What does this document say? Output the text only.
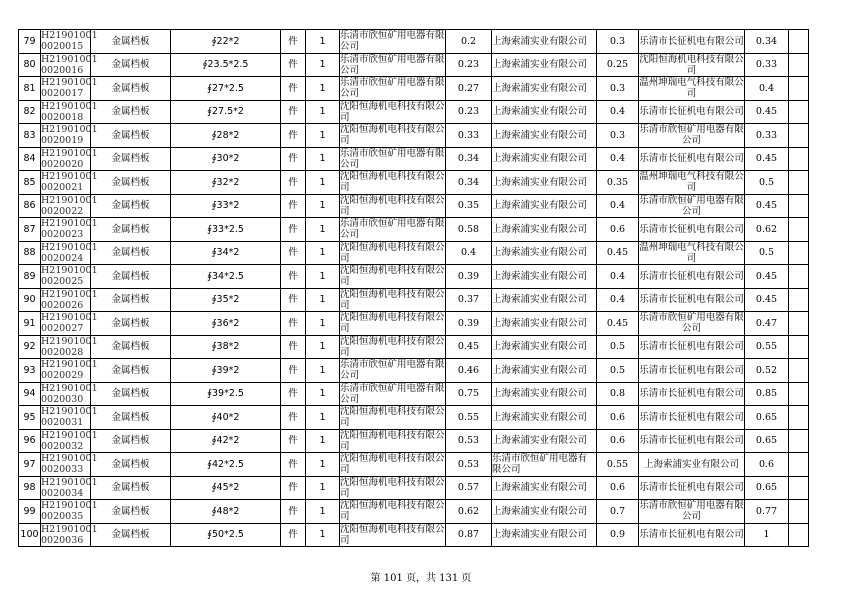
79	H21901001 0020015	金属档板	∮22*2	件	1	乐清市欣恒矿用电器有限公司	0.2	上海索浦实业有限公司	0.3	乐清市长征机电有限公司	0.34	
80	H21901001 0020016	金属档板	∮23.5*2.5	件	1	乐清市欣恒矿用电器有限公司	0.23	上海索浦实业有限公司	0.25	沈阳恒海机电科技有限公司	0.33	
81	H21901001 0020017	金属档板	∮27*2.5	件	1	乐清市欣恒矿用电器有限公司	0.27	上海索浦实业有限公司	0.3	温州坤瑞电气科技有限公司	0.4	
82	H21901001 0020018	金属档板	∮27.5*2	件	1	沈阳恒海机电科技有限公司	0.23	上海索浦实业有限公司	0.4	乐清市长征机电有限公司	0.45	
83	H21901001 0020019	金属档板	∮28*2	件	1	沈阳恒海机电科技有限公司	0.33	上海索浦实业有限公司	0.3	乐清市欣恒矿用电器有限公司	0.33	
84	H21901001 0020020	金属档板	∮30*2	件	1	乐清市欣恒矿用电器有限公司	0.34	上海索浦实业有限公司	0.4	乐清市长征机电有限公司	0.45	
85	H21901001 0020021	金属档板	∮32*2	件	1	沈阳恒海机电科技有限公司	0.34	上海索浦实业有限公司	0.35	温州坤瑞电气科技有限公司	0.5	
86	H21901001 0020022	金属档板	∮33*2	件	1	沈阳恒海机电科技有限公司	0.35	上海索浦实业有限公司	0.4	乐清市欣恒矿用电器有限公司	0.45	
87	H21901001 0020023	金属档板	∮33*2.5	件	1	乐清市欣恒矿用电器有限公司	0.58	上海索浦实业有限公司	0.6	乐清市长征机电有限公司	0.62	
88	H21901001 0020024	金属档板	∮34*2	件	1	沈阳恒海机电科技有限公司	0.4	上海索浦实业有限公司	0.45	温州坤瑞电气科技有限公司	0.5	
89	H21901001 0020025	金属档板	∮34*2.5	件	1	沈阳恒海机电科技有限公司	0.39	上海索浦实业有限公司	0.4	乐清市长征机电有限公司	0.45	
90	H21901001 0020026	金属档板	∮35*2	件	1	沈阳恒海机电科技有限公司	0.37	上海索浦实业有限公司	0.4	乐清市长征机电有限公司	0.45	
91	H21901001 0020027	金属档板	∮36*2	件	1	沈阳恒海机电科技有限公司	0.39	上海索浦实业有限公司	0.45	乐清市欣恒矿用电器有限公司	0.47	
92	H21901001 0020028	金属档板	∮38*2	件	1	沈阳恒海机电科技有限公司	0.45	上海索浦实业有限公司	0.5	乐清市长征机电有限公司	0.55	
93	H21901001 0020029	金属档板	∮39*2	件	1	乐清市欣恒矿用电器有限公司	0.46	上海索浦实业有限公司	0.5	乐清市长征机电有限公司	0.52	
94	H21901001 0020030	金属档板	∮39*2.5	件	1	乐清市欣恒矿用电器有限公司	0.75	上海索浦实业有限公司	0.8	乐清市长征机电有限公司	0.85	
95	H21901001 0020031	金属档板	∮40*2	件	1	沈阳恒海机电科技有限公司	0.55	上海索浦实业有限公司	0.6	乐清市长征机电有限公司	0.65	
96	H21901001 0020032	金属档板	∮42*2	件	1	沈阳恒海机电科技有限公司	0.53	上海索浦实业有限公司	0.6	乐清市长征机电有限公司	0.65	
97	H21901001 0020033	金属档板	∮42*2.5	件	1	沈阳恒海机电科技有限公司	0.53	乐清市欣恒矿用电器有限公司	0.55	上海索浦实业有限公司	0.6	
98	H21901001 0020034	金属档板	∮45*2	件	1	沈阳恒海机电科技有限公司	0.57	上海索浦实业有限公司	0.6	乐清市长征机电有限公司	0.65	
99	H21901001 0020035	金属档板	∮48*2	件	1	沈阳恒海机电科技有限公司	0.62	上海索浦实业有限公司	0.7	乐清市欣恒矿用电器有限公司	0.77	
100	H21901001 0020036	金属档板	∮50*2.5	件	1	沈阳恒海机电科技有限公司	0.87	上海索浦实业有限公司	0.9	乐清市长征机电有限公司	1	
第 101 页，共 131 页
